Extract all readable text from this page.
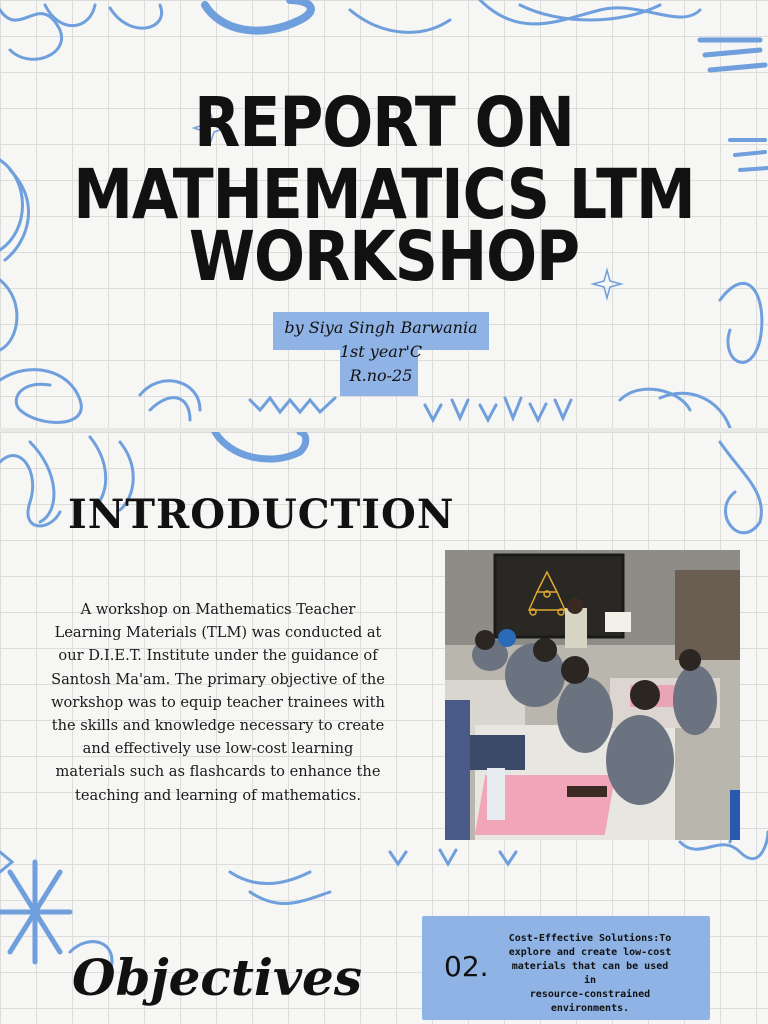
REPORT ON
MATHEMATICS LTM
WORKSHOP
by Siya Singh Barwania
1st year'C
R.no-25
INTRODUCTION
A workshop on Mathematics Teacher
Learning Materials (TLM) was conducted at
our D.I.E.T. Institute under the guidance of
Santosh Ma'am. The primary objective of the
workshop was to equip teacher trainees with
the skills and knowledge necessary to create
and effectively use low-cost learning
materials such as flashcards to enhance the
teaching and learning of mathematics.
02.
Cost-Effective Solutions:To
explore and create low-cost
materials that can be used in
resource-constrained
environments.
Objectives
